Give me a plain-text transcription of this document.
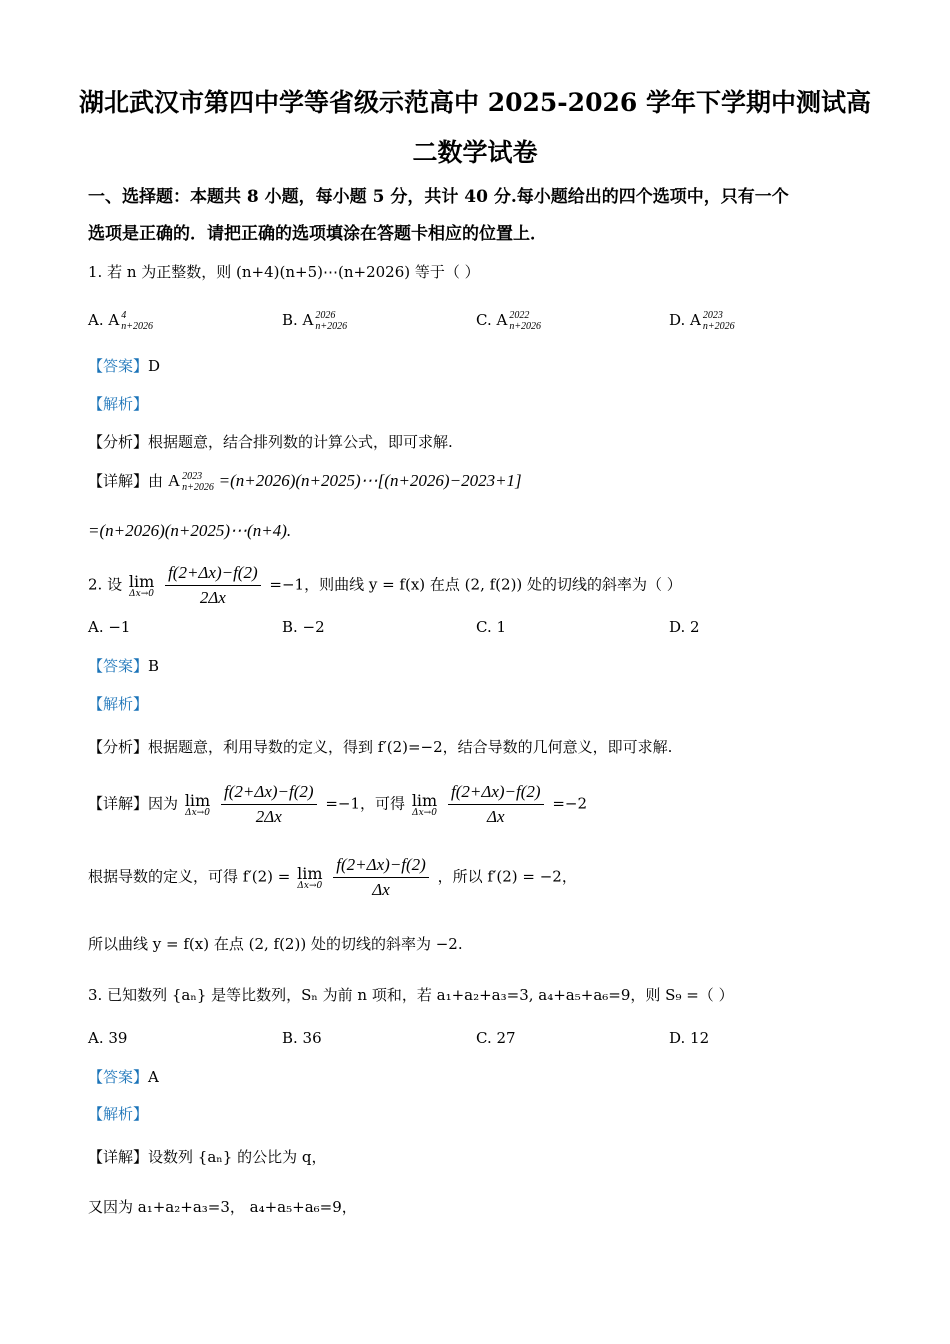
湖北武汉市第四中学等省级示范高中 2025-2026 学年下学期中测试高
二数学试卷
一、选择题：本题共 8 小题，每小题 5 分，共计 40 分.每小题给出的四个选项中，只有一个
选项是正确的．请把正确的选项填涂在答题卡相应的位置上．
1. 若 n 为正整数，则 (n+4)(n+5)⋯(n+2026) 等于（ ）
A. A 4
n+2026	B. A 2026
n+2026	C. A 2022
n+2026	D. A 2023
n+2026
【答案】D
【解析】
【分析】根据题意，结合排列数的计算公式，即可求解.
【详解】由 A 2023
n+2026 =(n+2026)(n+2025)⋯[(n+2026)−2023+1]
=(n+2026)(n+2025)⋯(n+4).
2. 设 lim
Δx→0
$\frac{f(2+\Delta x)-f(2)}{2\Delta x} =-1$，则曲线 y = f(x) 在点 (2, f(2)) 处的切线的斜率为（ ）
A. −1	B. −2	C. 1	D. 2
【答案】B
【解析】
【分析】根据题意，利用导数的定义，得到 f′(2)=−2，结合导数的几何意义，即可求解.
【详解】因为 lim
Δx→0
$\frac{f(2+\Delta x)-f(2)}{2\Delta x} =-1$，可得 lim
Δx→0
$\frac{f(2+\Delta x)-f(2)}{\Delta x} =-2$
根据导数的定义，可得 f′(2) = lim
Δx→0
$\frac{f(2+\Delta x)-f(2)}{\Delta x}$ ，所以 f′(2) = −2，
所以曲线 y = f(x) 在点 (2, f(2)) 处的切线的斜率为 −2.
3. 已知数列 {aₙ} 是等比数列，Sₙ 为前 n 项和，若 a₁+a₂+a₃=3, a₄+a₅+a₆=9，则 S₉ =（ ）
A. 39	B. 36	C. 27	D. 12
【答案】A
【解析】
【详解】设数列 {aₙ} 的公比为 q，
又因为 a₁+a₂+a₃=3， a₄+a₅+a₆=9，
